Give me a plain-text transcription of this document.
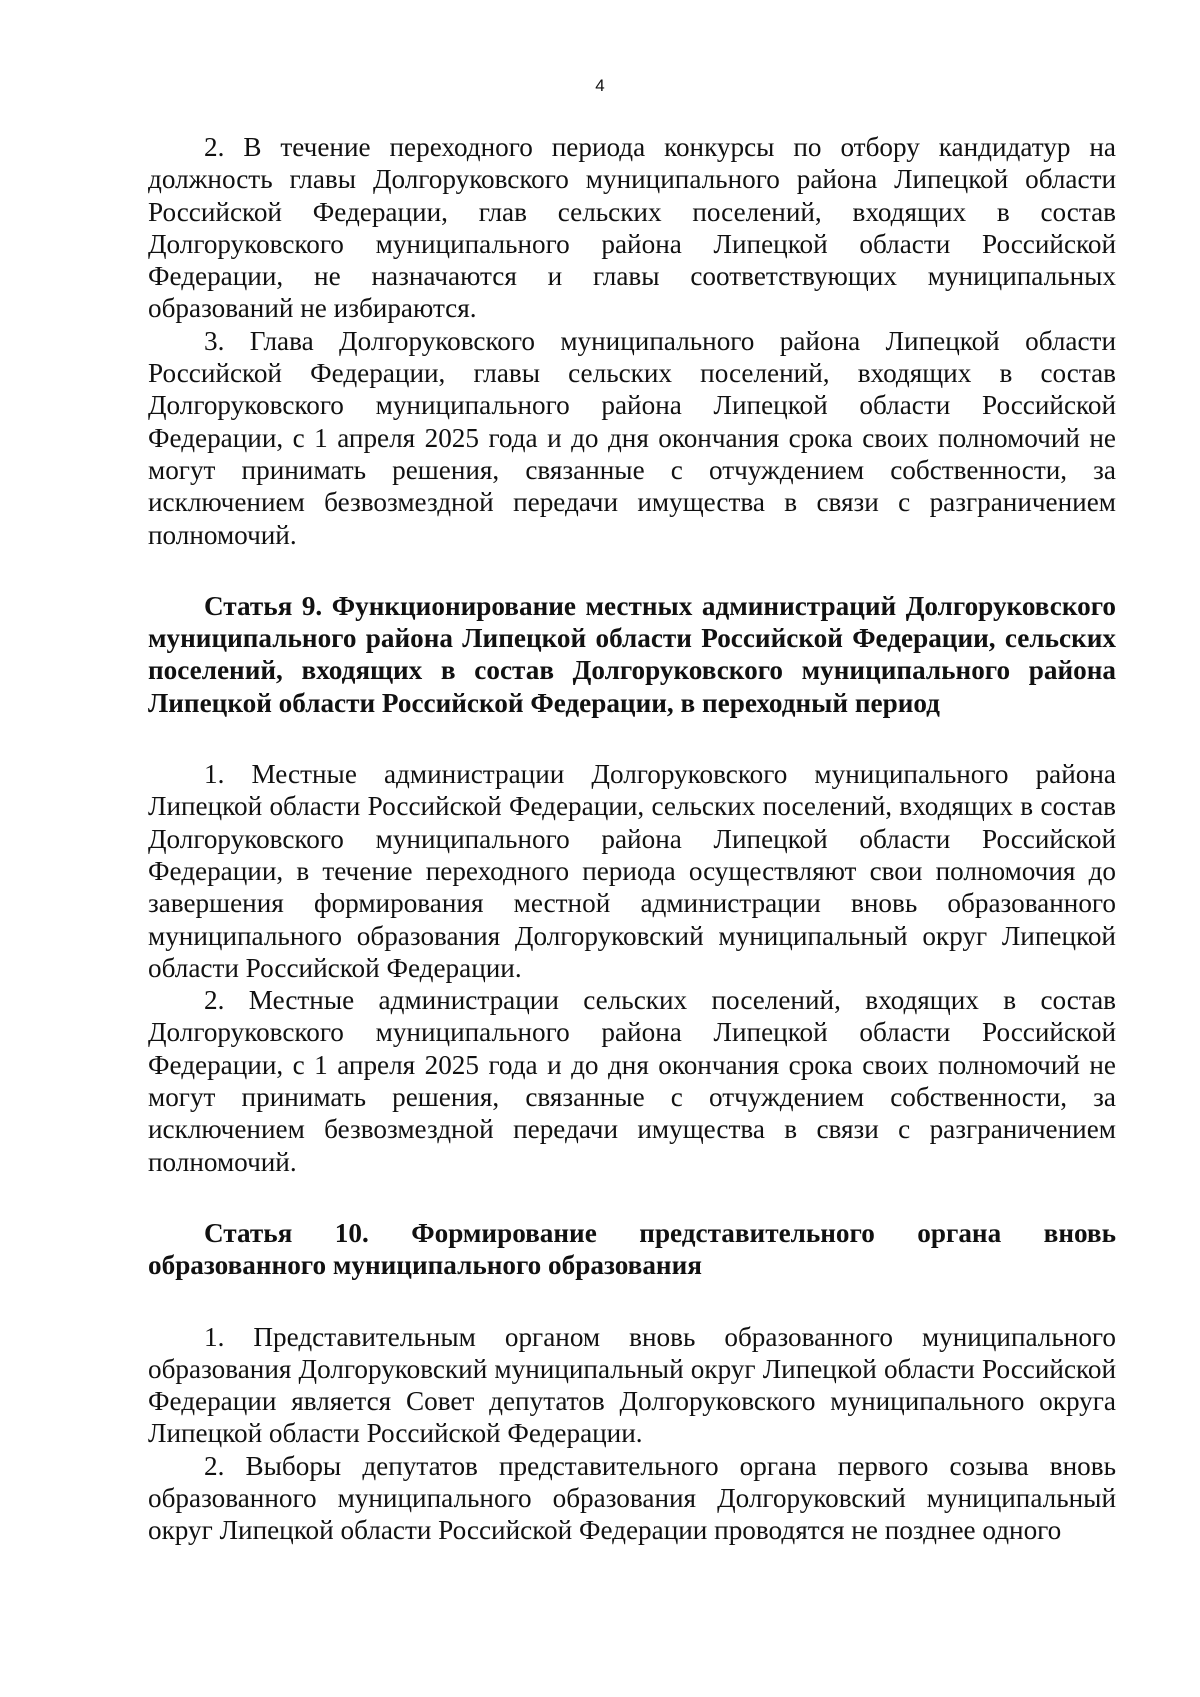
4

2. В течение переходного периода конкурсы по отбору кандидатур на должность главы Долгоруковского муниципального района Липецкой области Российской Федерации, глав сельских поселений, входящих в состав Долгоруковского муниципального района Липецкой области Российской Федерации, не назначаются и главы соответствующих муниципальных образований не избираются.

3. Глава Долгоруковского муниципального района Липецкой области Российской Федерации, главы сельских поселений, входящих в состав Долгоруковского муниципального района Липецкой области Российской Федерации, с 1 апреля 2025 года и до дня окончания срока своих полномочий не могут принимать решения, связанные с отчуждением собственности, за исключением безвозмездной передачи имущества в связи с разграничением полномочий.

Статья 9. Функционирование местных администраций Долгоруковского муниципального района Липецкой области Российской Федерации, сельских поселений, входящих в состав Долгоруковского муниципального района Липецкой области Российской Федерации, в переходный период

1. Местные администрации Долгоруковского муниципального района Липецкой области Российской Федерации, сельских поселений, входящих в состав Долгоруковского муниципального района Липецкой области Российской Федерации, в течение переходного периода осуществляют свои полномочия до завершения формирования местной администрации вновь образованного муниципального образования Долгоруковский муниципальный округ Липецкой области Российской Федерации.

2. Местные администрации сельских поселений, входящих в состав Долгоруковского муниципального района Липецкой области Российской Федерации, с 1 апреля 2025 года и до дня окончания срока своих полномочий не могут принимать решения, связанные с отчуждением собственности, за исключением безвозмездной передачи имущества в связи с разграничением полномочий.

Статья 10. Формирование представительного органа вновь образованного муниципального образования

1. Представительным органом вновь образованного муниципального образования Долгоруковский муниципальный округ Липецкой области Российской Федерации является Совет депутатов Долгоруковского муниципального округа Липецкой области Российской Федерации.

2. Выборы депутатов представительного органа первого созыва вновь образованного муниципального образования Долгоруковский муниципальный округ Липецкой области Российской Федерации проводятся не позднее одного
